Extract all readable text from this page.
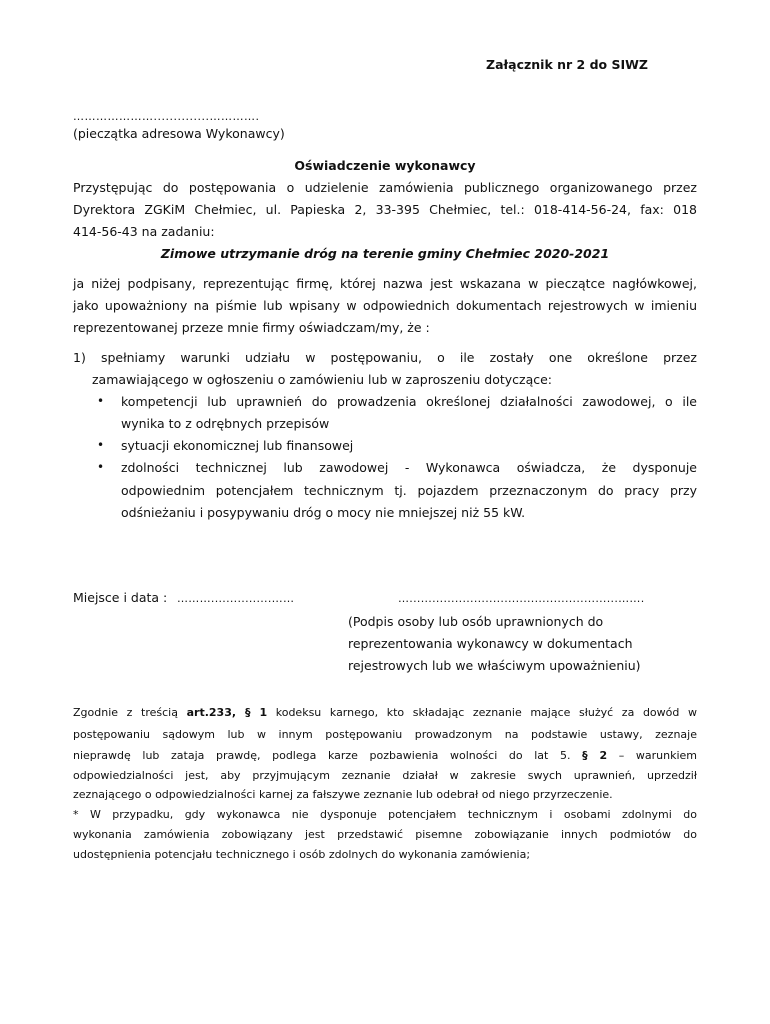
Załącznik nr 2 do SIWZ
…………………..............………….
(pieczątka adresowa Wykonawcy)
Oświadczenie wykonawcy
Przystępując do postępowania o udzielenie zamówienia publicznego organizowanego przez
Dyrektora ZGKiM Chełmiec, ul. Papieska 2, 33-395 Chełmiec, tel.: 018-414-56-24, fax: 018
414-56-43 na zadaniu:
Zimowe utrzymanie dróg na terenie gminy Chełmiec 2020-2021
ja niżej podpisany, reprezentując firmę, której nazwa jest wskazana w pieczątce nagłówkowej,
jako upoważniony na piśmie lub wpisany w odpowiednich dokumentach rejestrowych w imieniu
reprezentowanej przeze mnie firmy oświadczam/my, że :
1) spełniamy warunki udziału w postępowaniu, o ile zostały one określone przez
zamawiającego w ogłoszeniu o zamówieniu lub w zaproszeniu dotyczące:
• kompetencji lub uprawnień do prowadzenia określonej działalności zawodowej, o ile
wynika to z odrębnych przepisów
• sytuacji ekonomicznej lub finansowej
• zdolności technicznej lub zawodowej - Wykonawca oświadcza, że dysponuje
odpowiednim potencjałem technicznym tj. pojazdem przeznaczonym do pracy przy
odśnieżaniu i posypywaniu dróg o mocy nie mniejszej niż 55 kW.
Miejsce i data : ………................……	….......................................................…….
(Podpis osoby lub osób uprawnionych do
reprezentowania wykonawcy w dokumentach
rejestrowych lub we właściwym upoważnieniu)
Zgodnie z treścią art.233, § 1 kodeksu karnego, kto składając zeznanie mające służyć za dowód w
postępowaniu sądowym lub w innym postępowaniu prowadzonym na podstawie ustawy, zeznaje
nieprawdę lub zataja prawdę, podlega karze pozbawienia wolności do lat 5. § 2 – warunkiem
odpowiedzialności jest, aby przyjmującym zeznanie działał w zakresie swych uprawnień, uprzedził
zeznającego o odpowiedzialności karnej za fałszywe zeznanie lub odebrał od niego przyrzeczenie.
* W przypadku, gdy wykonawca nie dysponuje potencjałem technicznym i osobami zdolnymi do
wykonania zamówienia zobowiązany jest przedstawić pisemne zobowiązanie innych podmiotów do
udostępnienia potencjału technicznego i osób zdolnych do wykonania zamówienia;
